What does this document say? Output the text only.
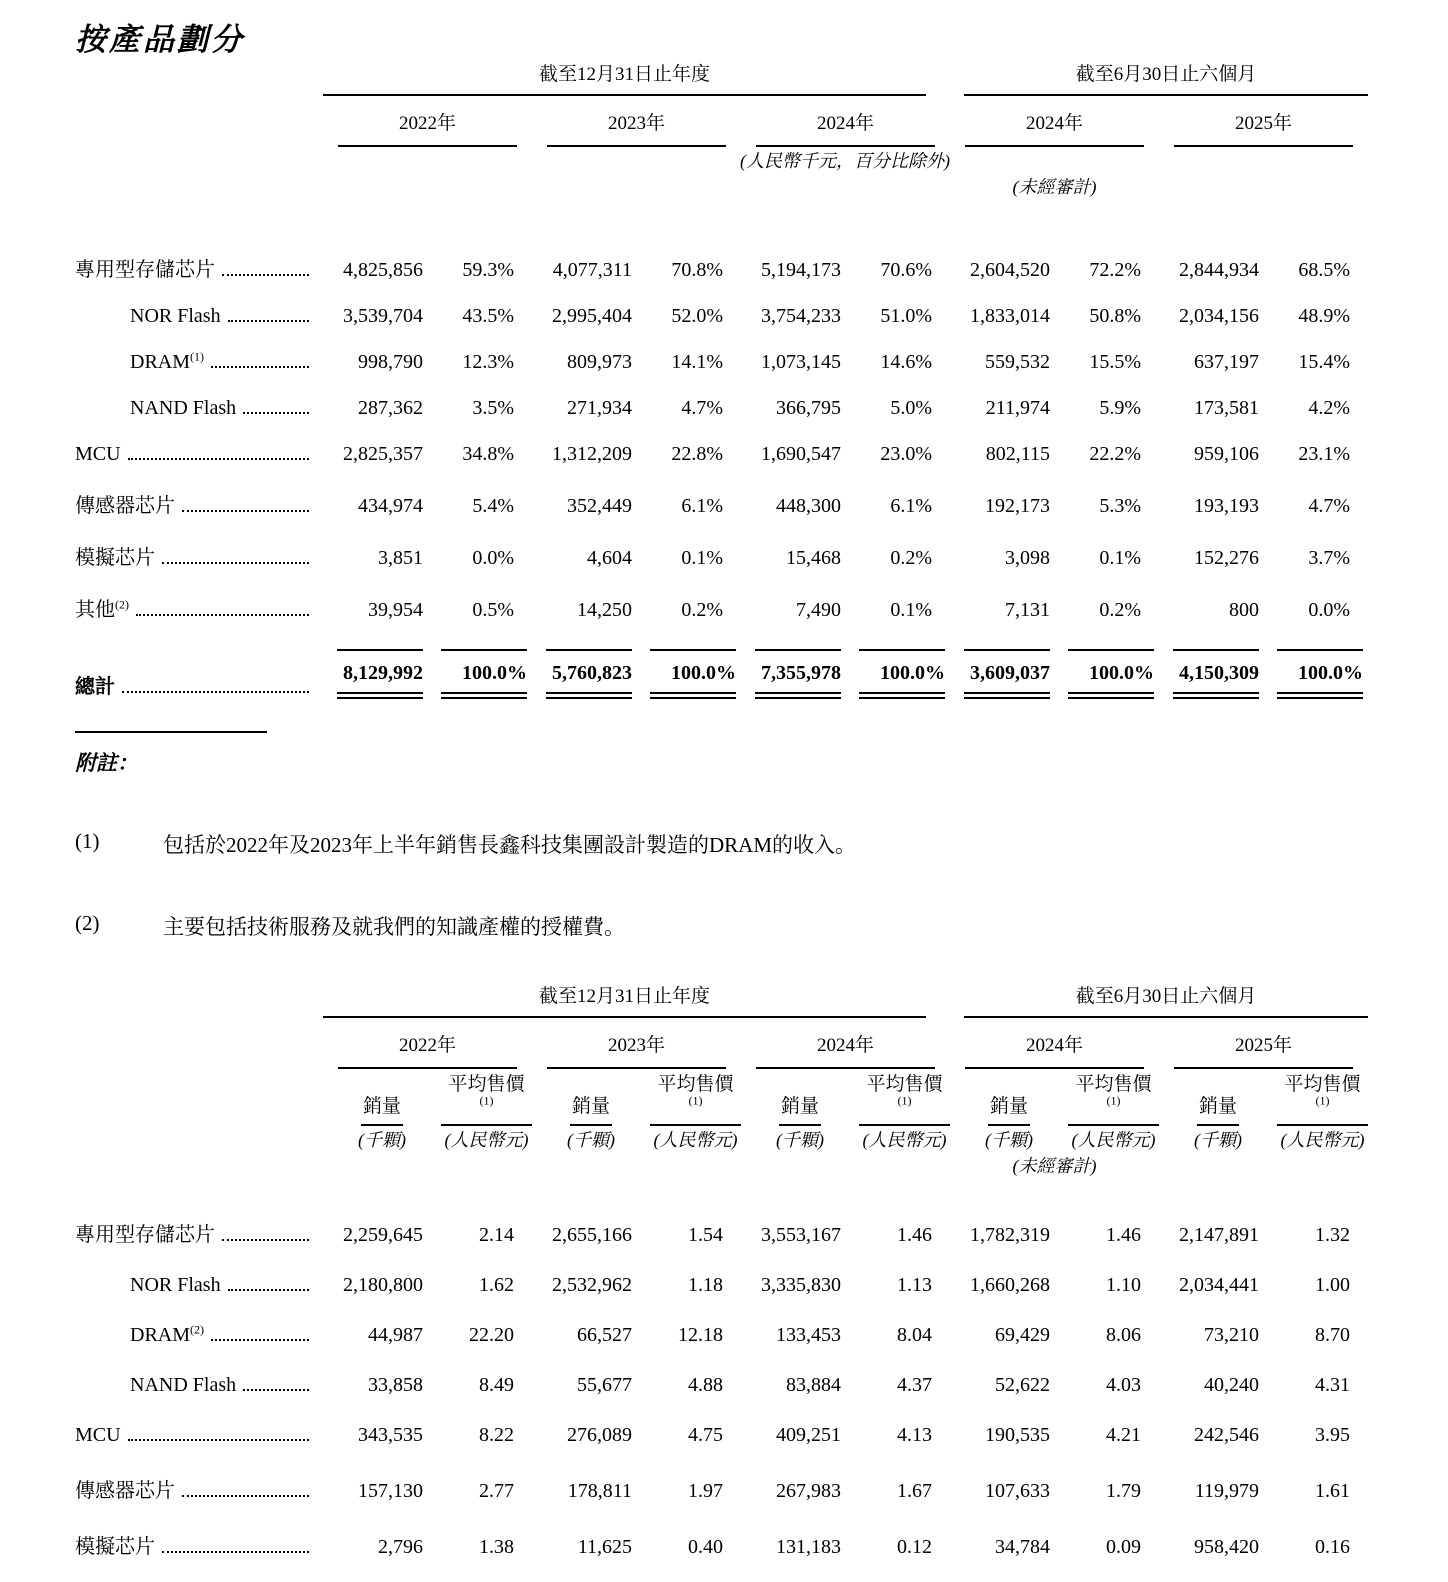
按產品劃分

	截至12月31日止年度						截至6月30日止六個月			

	2022年		2023年		2024年		2024年		2025年	

	(人民幣千元，百分比除外)									
							(未經審計)			

專用型存儲芯片	4,825,856	59.3%	4,077,311	70.8%	5,194,173	70.6%	2,604,520	72.2%	2,844,934	68.5%

NOR Flash	3,539,704	43.5%	2,995,404	52.0%	3,754,233	51.0%	1,833,014	50.8%	2,034,156	48.9%

DRAM$^{(1)}$	998,790	12.3%	809,973	14.1%	1,073,145	14.6%	559,532	15.5%	637,197	15.4%

NAND Flash	287,362	3.5%	271,934	4.7%	366,795	5.0%	211,974	5.9%	173,581	4.2%

MCU	2,825,357	34.8%	1,312,209	22.8%	1,690,547	23.0%	802,115	22.2%	959,106	23.1%

傳感器芯片	434,974	5.4%	352,449	6.1%	448,300	6.1%	192,173	5.3%	193,193	4.7%

模擬芯片	3,851	0.0%	4,604	0.1%	15,468	0.2%	3,098	0.1%	152,276	3.7%

其他$^{(2)}$	39,954	0.5%	14,250	0.2%	7,490	0.1%	7,131	0.2%	800	0.0%

總計	8,129,992	100.0%	5,760,823	100.0%	7,355,978	100.0%	3,609,037	100.0%	4,150,309	100.0%
附註：
(1)	包括於2022年及2023年上半年銷售長鑫科技集團設計製造的DRAM的收入。
(2)	主要包括技術服務及就我們的知識產權的授權費。

	截至12月31日止年度						截至6月30日止六個月			

	2022年		2023年		2024年		2024年		2025年	

	銷量	平均售價$^{(1)}$	銷量	平均售價$^{(1)}$	銷量	平均售價$^{(1)}$	銷量	平均售價$^{(1)}$	銷量	平均售價$^{(1)}$
	(千顆)	(人民幣元)	(千顆)	(人民幣元)	(千顆)	(人民幣元)	(千顆)	(人民幣元)	(千顆)	(人民幣元)
							(未經審計)			

專用型存儲芯片	2,259,645	2.14	2,655,166	1.54	3,553,167	1.46	1,782,319	1.46	2,147,891	1.32

NOR Flash	2,180,800	1.62	2,532,962	1.18	3,335,830	1.13	1,660,268	1.10	2,034,441	1.00

DRAM$^{(2)}$	44,987	22.20	66,527	12.18	133,453	8.04	69,429	8.06	73,210	8.70

NAND Flash	33,858	8.49	55,677	4.88	83,884	4.37	52,622	4.03	40,240	4.31

MCU	343,535	8.22	276,089	4.75	409,251	4.13	190,535	4.21	242,546	3.95

傳感器芯片	157,130	2.77	178,811	1.97	267,983	1.67	107,633	1.79	119,979	1.61

模擬芯片	2,796	1.38	11,625	0.40	131,183	0.12	34,784	0.09	958,420	0.16
